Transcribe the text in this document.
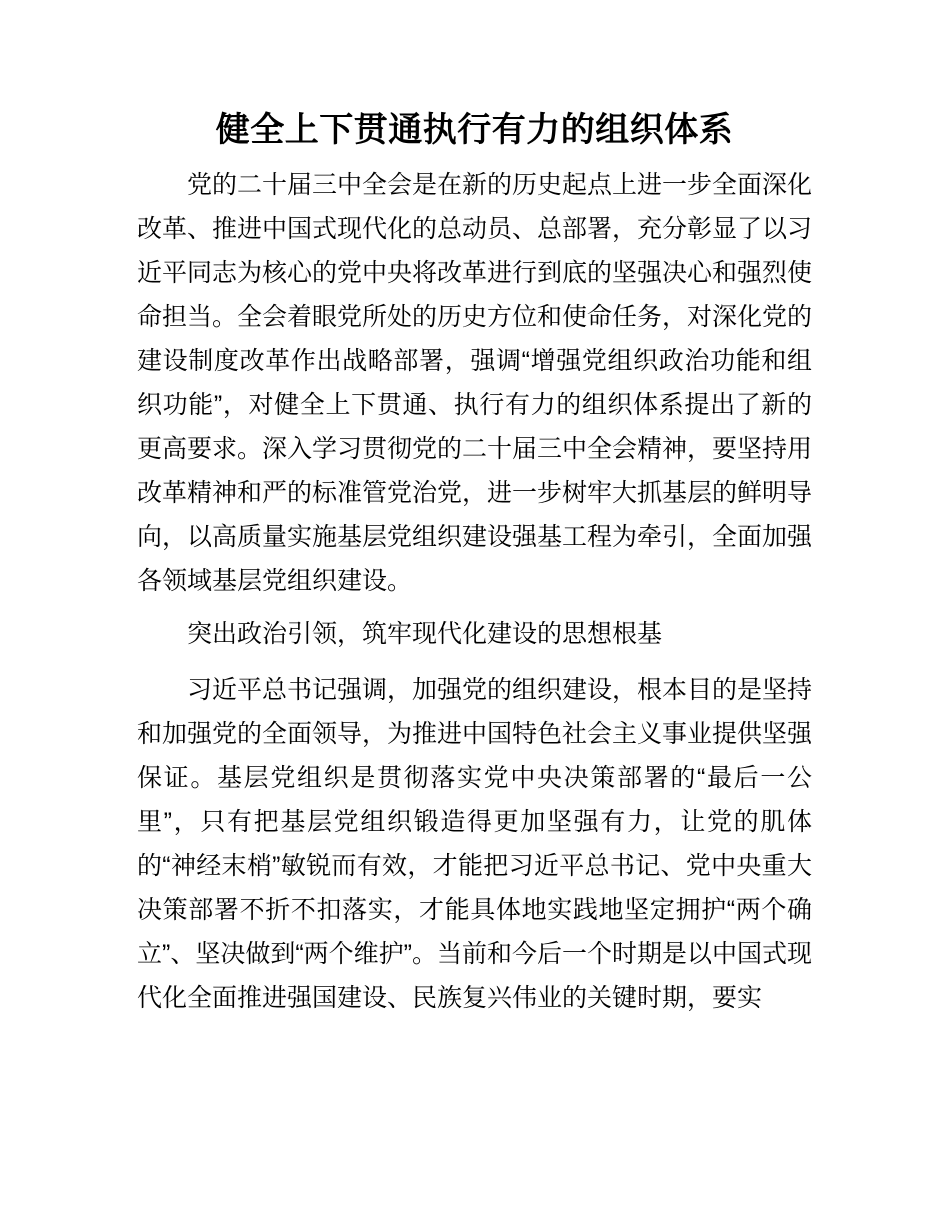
健全上下贯通执行有力的组织体系

党的二十届三中全会是在新的历史起点上进一步全面深化改革、推进中国式现代化的总动员、总部署，充分彰显了以习近平同志为核心的党中央将改革进行到底的坚强决心和强烈使命担当。全会着眼党所处的历史方位和使命任务，对深化党的建设制度改革作出战略部署，强调“增强党组织政治功能和组织功能”，对健全上下贯通、执行有力的组织体系提出了新的更高要求。深入学习贯彻党的二十届三中全会精神，要坚持用改革精神和严的标准管党治党，进一步树牢大抓基层的鲜明导向，以高质量实施基层党组织建设强基工程为牵引，全面加强各领域基层党组织建设。

突出政治引领，筑牢现代化建设的思想根基

习近平总书记强调，加强党的组织建设，根本目的是坚持和加强党的全面领导，为推进中国特色社会主义事业提供坚强保证。基层党组织是贯彻落实党中央决策部署的“最后一公里”，只有把基层党组织锻造得更加坚强有力，让党的肌体的“神经末梢”敏锐而有效，才能把习近平总书记、党中央重大决策部署不折不扣落实，才能具体地实践地坚定拥护“两个确立”、坚决做到“两个维护”。当前和今后一个时期是以中国式现代化全面推进强国建设、民族复兴伟业的关键时期，要实
